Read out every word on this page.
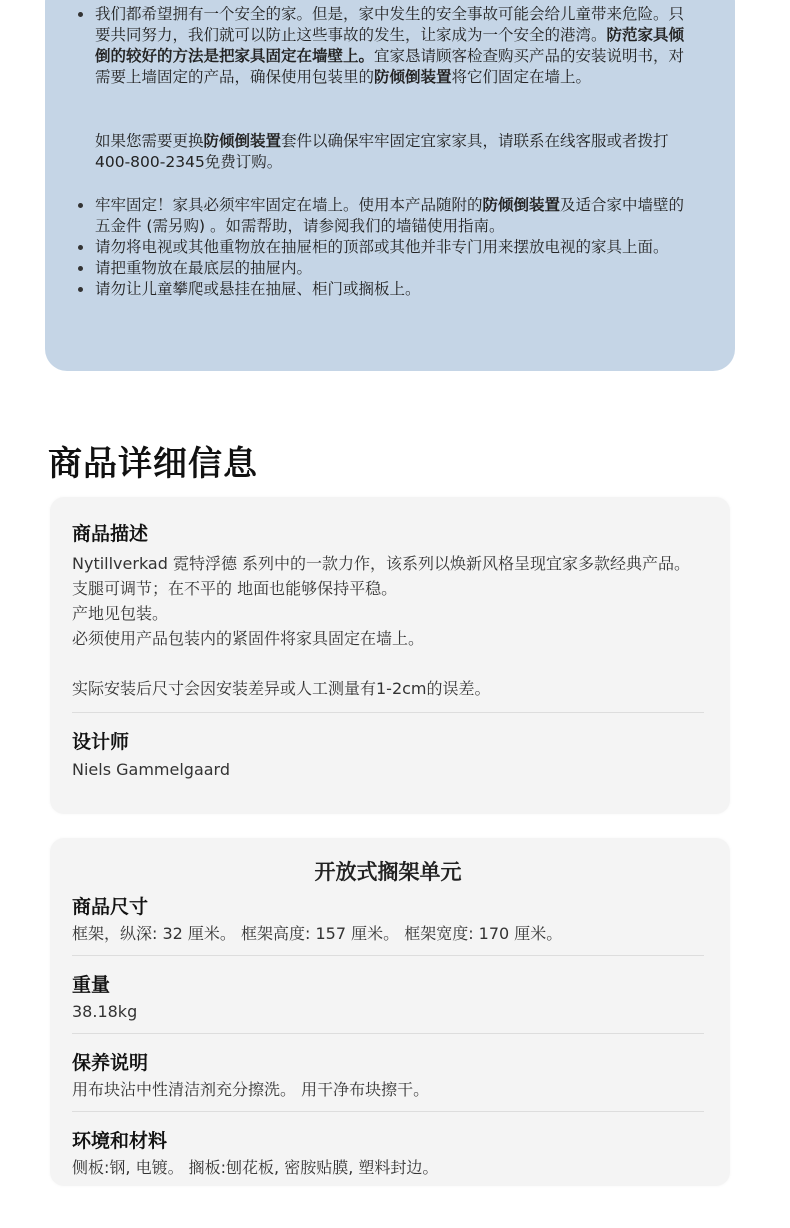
我们都希望拥有一个安全的家。但是，家中发生的安全事故可能会给儿童带来危险。只要共同努力，我们就可以防止这些事故的发生，让家成为一个安全的港湾。防范家具倾倒的较好的方法是把家具固定在墙壁上。宜家恳请顾客检查购买产品的安装说明书，对需要上墙固定的产品，确保使用包装里的防倾倒装置将它们固定在墙上。

如果您需要更换防倾倒装置套件以确保牢牢固定宜家家具，请联系在线客服或者拨打400-800-2345免费订购。

牢牢固定！家具必须牢牢固定在墙上。使用本产品随附的防倾倒装置及适合家中墙壁的五金件 (需另购) 。如需帮助，请参阅我们的墙锚使用指南。
请勿将电视或其他重物放在抽屉柜的顶部或其他并非专门用来摆放电视的家具上面。
请把重物放在最底层的抽屉内。
请勿让儿童攀爬或悬挂在抽屉、柜门或搁板上。
商品详细信息
商品描述
Nytillverkad 霓特浮德 系列中的一款力作，该系列以焕新风格呈现宜家多款经典产品。
支腿可调节；在不平的 地面也能够保持平稳。
产地见包装。
必须使用产品包装内的紧固件将家具固定在墙上。
实际安装后尺寸会因安装差异或人工测量有1-2cm的误差。
设计师
Niels Gammelgaard
开放式搁架单元
商品尺寸
框架，纵深: 32 厘米。 框架高度: 157 厘米。 框架宽度: 170 厘米。
重量
38.18kg
保养说明
用布块沾中性清洁剂充分擦洗。 用干净布块擦干。
环境和材料
侧板:钢, 电镀。 搁板:刨花板, 密胺贴膜, 塑料封边。
